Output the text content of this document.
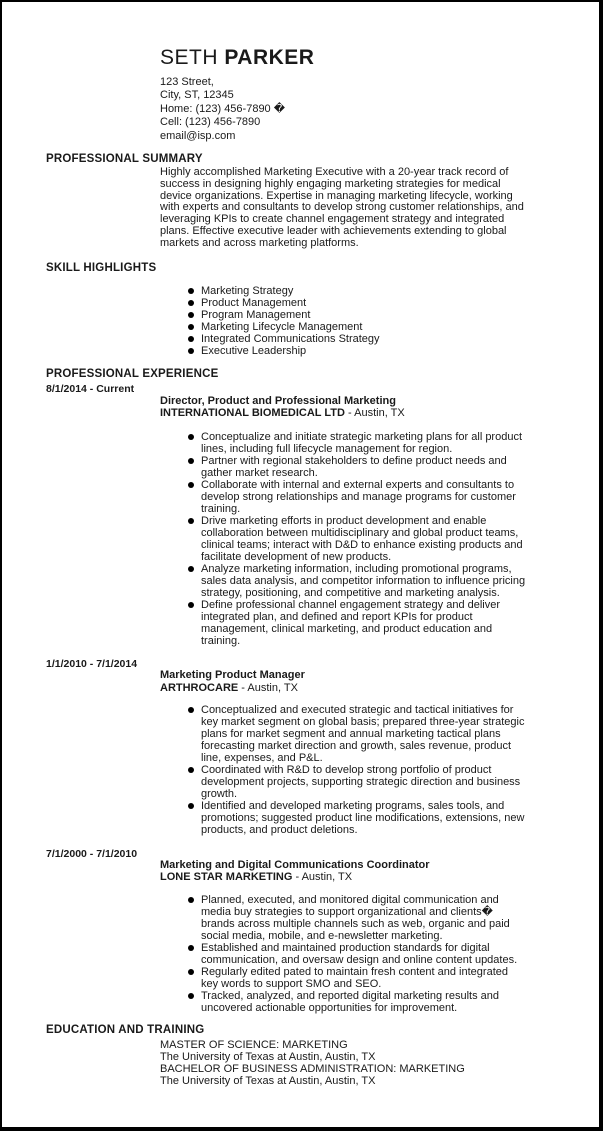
SETH PARKER
123 Street,
City, ST, 12345
Home: (123) 456-7890 �
Cell: (123) 456-7890
email@isp.com
PROFESSIONAL SUMMARY
Highly accomplished Marketing Executive with a 20-year track record of
success in designing highly engaging marketing strategies for medical
device organizations. Expertise in managing marketing lifecycle, working
with experts and consultants to develop strong customer relationships, and
leveraging KPIs to create channel engagement strategy and integrated
plans. Effective executive leader with achievements extending to global
markets and across marketing platforms.
SKILL HIGHLIGHTS
Marketing Strategy
Product Management
Program Management
Marketing Lifecycle Management
Integrated Communications Strategy
Executive Leadership
PROFESSIONAL EXPERIENCE
8/1/2014 - Current
Director, Product and Professional Marketing
INTERNATIONAL BIOMEDICAL LTD - Austin, TX
Conceptualize and initiate strategic marketing plans for all product
lines, including full lifecycle management for region.
Partner with regional stakeholders to define product needs and
gather market research.
Collaborate with internal and external experts and consultants to
develop strong relationships and manage programs for customer
training.
Drive marketing efforts in product development and enable
collaboration between multidisciplinary and global product teams,
clinical teams; interact with D&D to enhance existing products and
facilitate development of new products.
Analyze marketing information, including promotional programs,
sales data analysis, and competitor information to influence pricing
strategy, positioning, and competitive and marketing analysis.
Define professional channel engagement strategy and deliver
integrated plan, and defined and report KPIs for product
management, clinical marketing, and product education and
training.
1/1/2010 - 7/1/2014
Marketing Product Manager
ARTHROCARE - Austin, TX
Conceptualized and executed strategic and tactical initiatives for
key market segment on global basis; prepared three-year strategic
plans for market segment and annual marketing tactical plans
forecasting market direction and growth, sales revenue, product
line, expenses, and P&L.
Coordinated with R&D to develop strong portfolio of product
development projects, supporting strategic direction and business
growth.
Identified and developed marketing programs, sales tools, and
promotions; suggested product line modifications, extensions, new
products, and product deletions.
7/1/2000 - 7/1/2010
Marketing and Digital Communications Coordinator
LONE STAR MARKETING - Austin, TX
Planned, executed, and monitored digital communication and
media buy strategies to support organizational and clients�
brands across multiple channels such as web, organic and paid
social media, mobile, and e-newsletter marketing.
Established and maintained production standards for digital
communication, and oversaw design and online content updates.
Regularly edited pated to maintain fresh content and integrated
key words to support SMO and SEO.
Tracked, analyzed, and reported digital marketing results and
uncovered actionable opportunities for improvement.
EDUCATION AND TRAINING
MASTER OF SCIENCE: MARKETING
The University of Texas at Austin, Austin, TX
BACHELOR OF BUSINESS ADMINISTRATION: MARKETING
The University of Texas at Austin, Austin, TX
